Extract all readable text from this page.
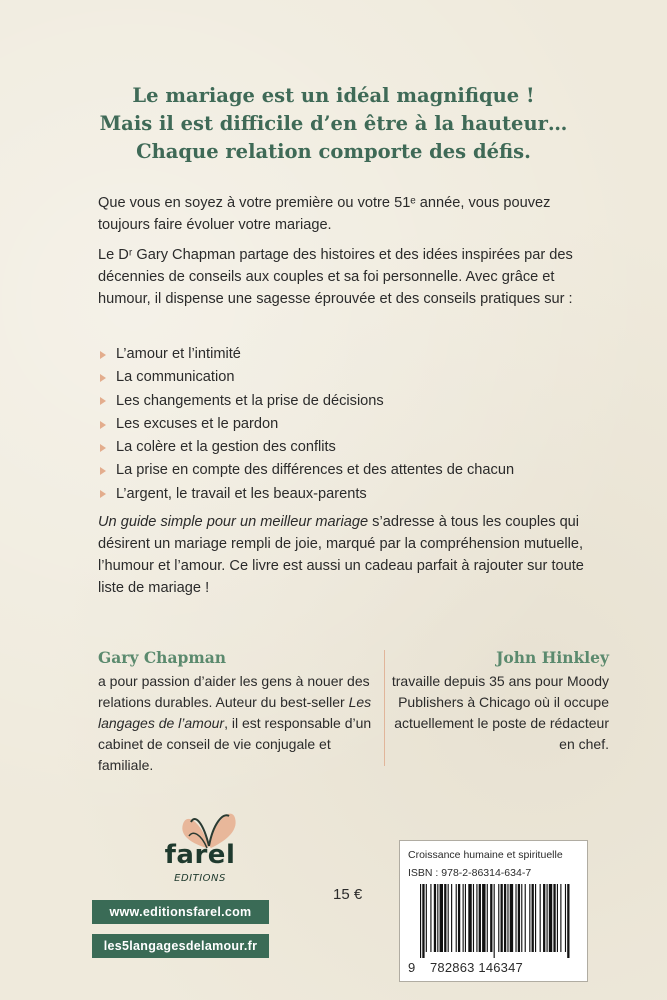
Le mariage est un idéal magnifique !
Mais il est difficile d’en être à la hauteur…
Chaque relation comporte des défis.

Que vous en soyez à votre première ou votre 51ᵉ année, vous pouvez toujours faire évoluer votre mariage.

Le Dʳ Gary Chapman partage des histoires et des idées inspirées par des décennies de conseils aux couples et sa foi personnelle. Avec grâce et humour, il dispense une sagesse éprouvée et des conseils pratiques sur :

L’amour et l’intimité
La communication
Les changements et la prise de décisions
Les excuses et le pardon
La colère et la gestion des conflits
La prise en compte des différences et des attentes de chacun
L’argent, le travail et les beaux-parents

Un guide simple pour un meilleur mariage s’adresse à tous les couples qui désirent un mariage rempli de joie, marqué par la compréhension mutuelle, l’humour et l’amour. Ce livre est aussi un cadeau parfait à rajouter sur toute liste de mariage !

Gary Chapman
a pour passion d’aider les gens à nouer des relations durables. Auteur du best-seller Les langages de l’amour, il est responsable d’un cabinet de conseil de vie conjugale et familiale.
John Hinkley
travaille depuis 35 ans pour Moody Publishers à Chicago où il occupe actuellement le poste de rédacteur en chef.
farel
EDITIONS
15 €
www.editionsfarel.com
les5langagesdelamour.fr
Croissance humaine et spirituelle
ISBN : 978-2-86314-634-7
9 782863 146347
